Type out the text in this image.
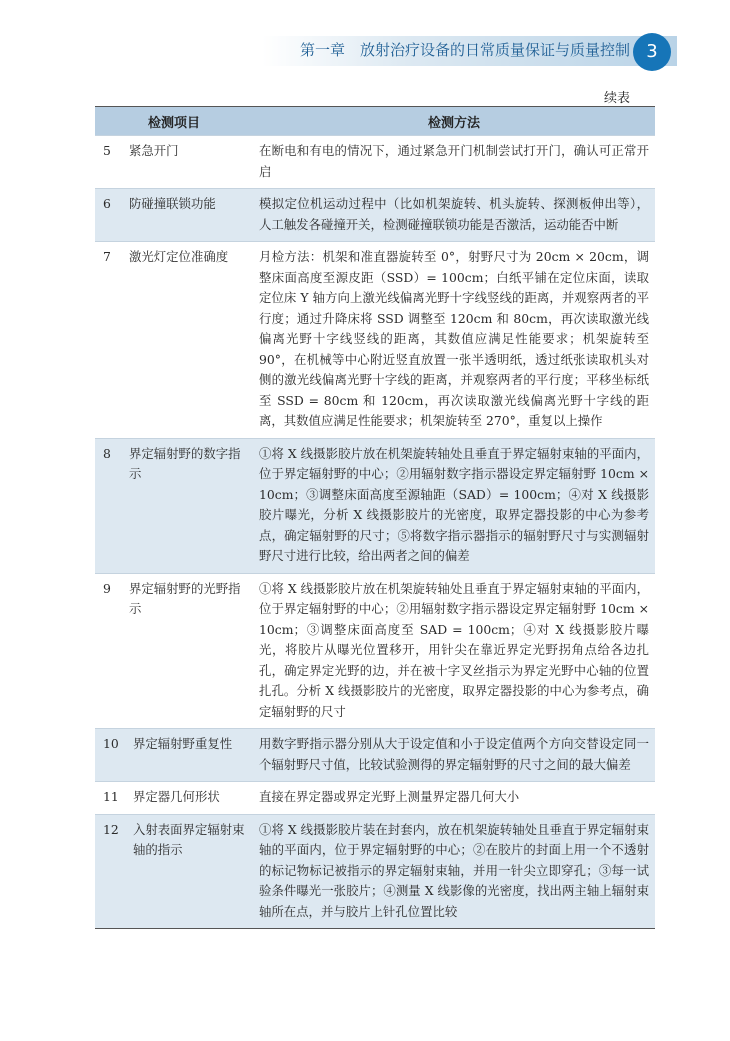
第一章　放射治疗设备的日常质量保证与质量控制 3
续表
检测项目	检测方法

5 紧急开门	在断电和有电的情况下，通过紧急开门机制尝试打开门，确认可正常开启

6 防碰撞联锁功能	模拟定位机运动过程中（比如机架旋转、机头旋转、探测板伸出等），人工触发各碰撞开关，检测碰撞联锁功能是否激活，运动能否中断

7 激光灯定位准确度	月检方法：机架和准直器旋转至 0°，射野尺寸为 20cm × 20cm，调整床面高度至源皮距（SSD）= 100cm；白纸平铺在定位床面，读取定位床 Y 轴方向上激光线偏离光野十字线竖线的距离，并观察两者的平行度；通过升降床将 SSD 调整至 120cm 和 80cm，再次读取激光线偏离光野十字线竖线的距离，其数值应满足性能要求；机架旋转至 90°，在机械等中心附近竖直放置一张半透明纸，透过纸张读取机头对侧的激光线偏离光野十字线的距离，并观察两者的平行度；平移坐标纸至 SSD = 80cm 和 120cm，再次读取激光线偏离光野十字线的距离，其数值应满足性能要求；机架旋转至 270°，重复以上操作

8 界定辐射野的数字指示	①将 X 线摄影胶片放在机架旋转轴处且垂直于界定辐射束轴的平面内，位于界定辐射野的中心；②用辐射数字指示器设定界定辐射野 10cm × 10cm；③调整床面高度至源轴距（SAD）= 100cm；④对 X 线摄影胶片曝光，分析 X 线摄影胶片的光密度，取界定器投影的中心为参考点，确定辐射野的尺寸；⑤将数字指示器指示的辐射野尺寸与实测辐射野尺寸进行比较，给出两者之间的偏差

9 界定辐射野的光野指示	①将 X 线摄影胶片放在机架旋转轴处且垂直于界定辐射束轴的平面内，位于界定辐射野的中心；②用辐射数字指示器设定界定辐射野 10cm × 10cm；③调整床面高度至 SAD = 100cm；④对 X 线摄影胶片曝光，将胶片从曝光位置移开，用针尖在靠近界定光野拐角点给各边扎孔，确定界定光野的边，并在被十字叉丝指示为界定光野中心轴的位置扎孔。分析 X 线摄影胶片的光密度，取界定器投影的中心为参考点，确定辐射野的尺寸

10 界定辐射野重复性	用数字野指示器分别从大于设定值和小于设定值两个方向交替设定同一个辐射野尺寸值，比较试验测得的界定辐射野的尺寸之间的最大偏差

11 界定器几何形状	直接在界定器或界定光野上测量界定器几何大小

12 入射表面界定辐射束轴的指示	①将 X 线摄影胶片装在封套内，放在机架旋转轴处且垂直于界定辐射束轴的平面内，位于界定辐射野的中心；②在胶片的封面上用一个不透射的标记物标记被指示的界定辐射束轴，并用一针尖立即穿孔；③每一试验条件曝光一张胶片；④测量 X 线影像的光密度，找出两主轴上辐射束轴所在点，并与胶片上针孔位置比较
